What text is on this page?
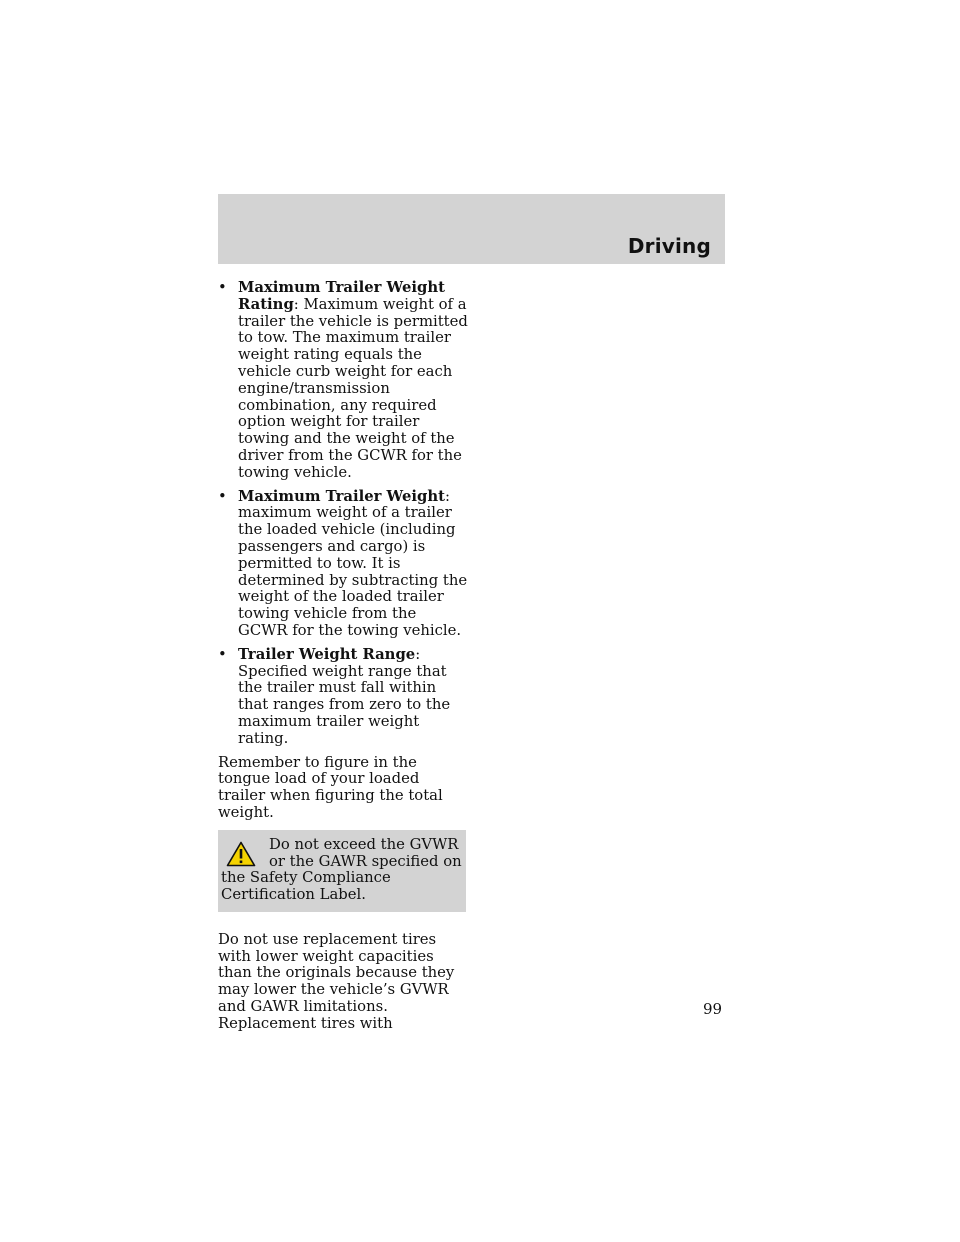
Driving
• Maximum Trailer Weight Rating: Maximum weight of a trailer the vehicle is permitted to tow. The maximum trailer weight rating equals the vehicle curb weight for each engine/transmission combination, any required option weight for trailer towing and the weight of the driver from the GCWR for the towing vehicle.
• Maximum Trailer Weight: maximum weight of a trailer the loaded vehicle (including passengers and cargo) is permitted to tow. It is determined by subtracting the weight of the loaded trailer towing vehicle from the GCWR for the towing vehicle.
• Trailer Weight Range: Specified weight range that the trailer must fall within that ranges from zero to the maximum trailer weight rating.

Remember to figure in the tongue load of your loaded trailer when figuring the total weight.

Do not exceed the GVWR
or the GAWR specified on
the Safety Compliance Certification Label.

Do not use replacement tires with lower weight capacities than the originals because they may lower the vehicle’s GVWR and GAWR limitations. Replacement tires with

99
